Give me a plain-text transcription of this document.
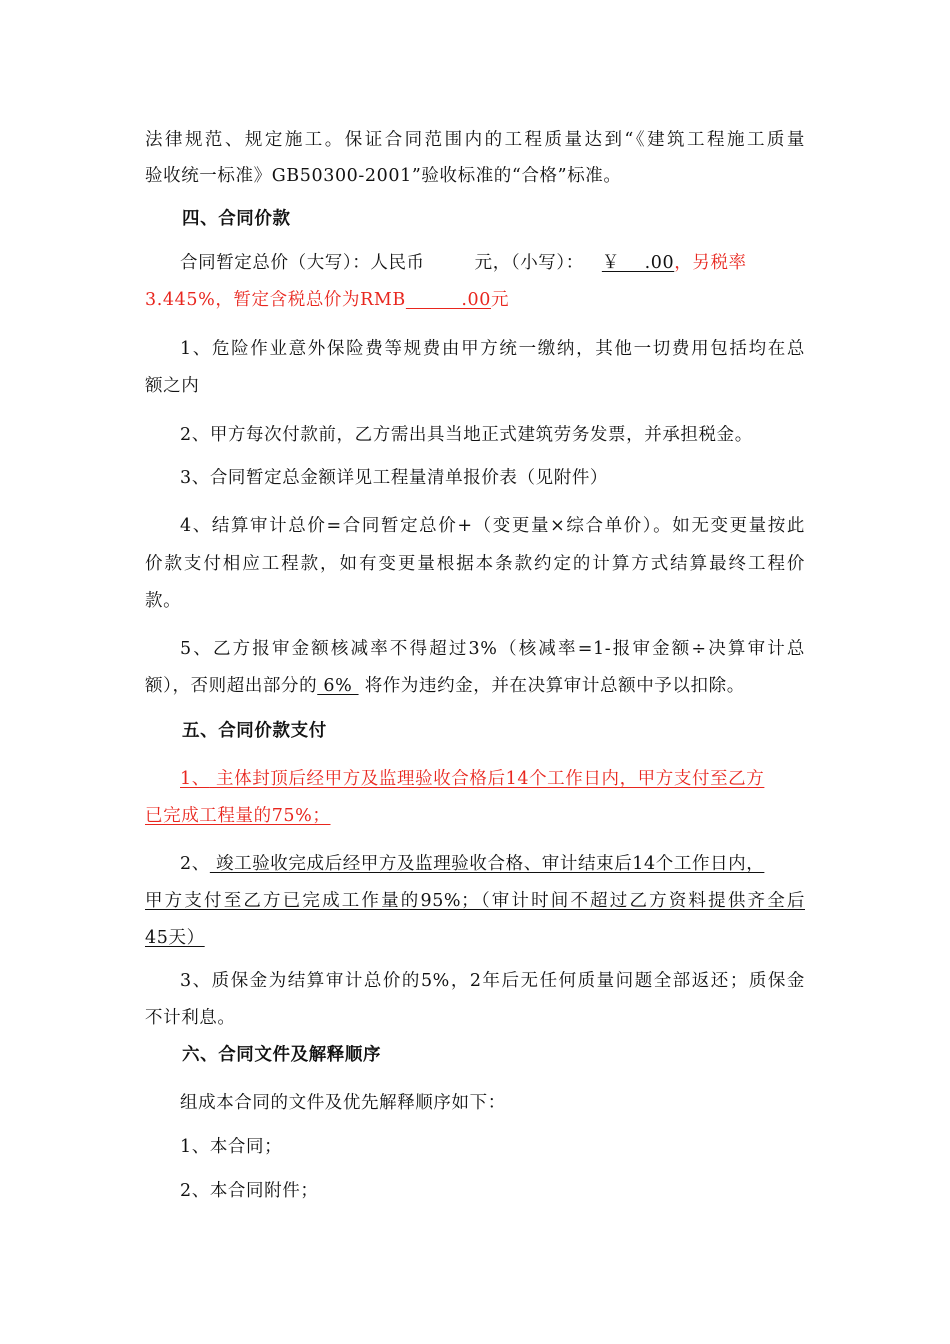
法律规范、规定施工。保证合同范围内的工程质量达到“《建筑工程施工质量
验收统一标准》GB50300-2001”验收标准的“合格”标准。
四、合同价款
合同暂定总价（大写）：人民币	元，（小写）： ￥    .00，另税率
3.445%，暂定含税总价为RMB         .00元
1、危险作业意外保险费等规费由甲方统一缴纳，其他一切费用包括均在总
额之内
2、甲方每次付款前，乙方需出具当地正式建筑劳务发票，并承担税金。
3、合同暂定总金额详见工程量清单报价表（见附件）
4、结算审计总价=合同暂定总价+（变更量×综合单价）。如无变更量按此
价款支付相应工程款，如有变更量根据本条款约定的计算方式结算最终工程价
款。
5、乙方报审金额核减率不得超过3%（核减率=1-报审金额÷决算审计总
额），否则超出部分的 6%  将作为违约金，并在决算审计总额中予以扣除。
五、合同价款支付
1、 主体封顶后经甲方及监理验收合格后14个工作日内，甲方支付至乙方
已完成工程量的75%；
2、 竣工验收完成后经甲方及监理验收合格、审计结束后14个工作日内，
甲方支付至乙方已完成工作量的95%；（审计时间不超过乙方资料提供齐全后
45天）
3、质保金为结算审计总价的5%，2年后无任何质量问题全部返还；质保金
不计利息。
六、合同文件及解释顺序
组成本合同的文件及优先解释顺序如下：
1、本合同；
2、本合同附件；
